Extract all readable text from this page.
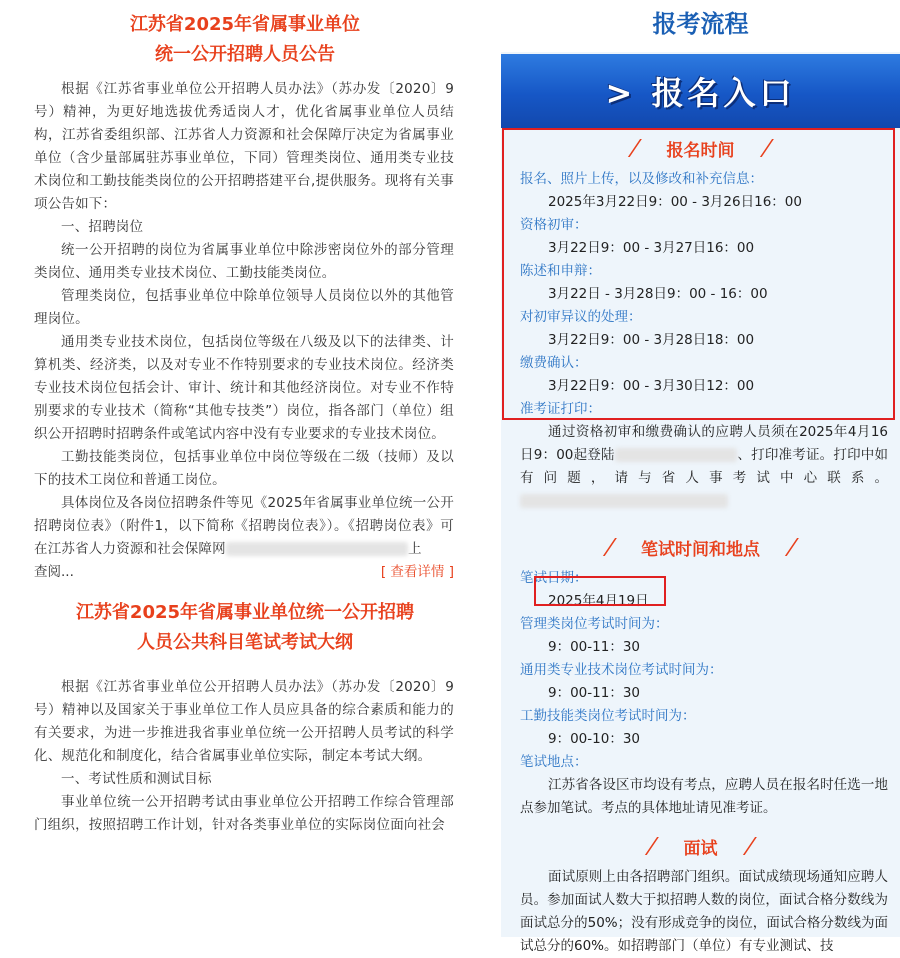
江苏省2025年省属事业单位
统一公开招聘人员公告

根据《江苏省事业单位公开招聘人员办法》（苏办发〔2020〕9号）精神，为更好地选拔优秀适岗人才，优化省属事业单位人员结构，江苏省委组织部、江苏省人力资源和社会保障厅决定为省属事业单位（含少量部属驻苏事业单位，下同）管理类岗位、通用类专业技术岗位和工勤技能类岗位的公开招聘搭建平台,提供服务。现将有关事项公告如下：

一、招聘岗位

统一公开招聘的岗位为省属事业单位中除涉密岗位外的部分管理类岗位、通用类专业技术岗位、工勤技能类岗位。

管理类岗位，包括事业单位中除单位领导人员岗位以外的其他管理岗位。

通用类专业技术岗位，包括岗位等级在八级及以下的法律类、计算机类、经济类，以及对专业不作特别要求的专业技术岗位。经济类专业技术岗位包括会计、审计、统计和其他经济岗位。对专业不作特别要求的专业技术（简称“其他专技类”）岗位，指各部门（单位）组织公开招聘时招聘条件或笔试内容中没有专业要求的专业技术岗位。

工勤技能类岗位，包括事业单位中岗位等级在二级（技师）及以下的技术工岗位和普通工岗位。

具体岗位及各岗位招聘条件等见《2025年省属事业单位统一公开招聘岗位表》（附件1，以下简称《招聘岗位表》）。《招聘岗位表》可在江苏省人力资源和社会保障网	上

查阅...	[ 查看详情 ]
江苏省2025年省属事业单位统一公开招聘
人员公共科目笔试考试大纲

根据《江苏省事业单位公开招聘人员办法》（苏办发〔2020〕9号）精神以及国家关于事业单位工作人员应具备的综合素质和能力的有关要求，为进一步推进我省事业单位统一公开招聘人员考试的科学化、规范化和制度化，结合省属事业单位实际，制定本考试大纲。

一、考试性质和测试目标

事业单位统一公开招聘考试由事业单位公开招聘工作综合管理部门组织，按照招聘工作计划，针对各类事业单位的实际岗位面向社会

报考流程
> 报名入口
/ 报名时间 /
报名、照片上传，以及修改和补充信息：
2025年3月22日9：00 - 3月26日16：00
资格初审：
3月22日9：00 - 3月27日16：00
陈述和申辩：
3月22日 - 3月28日9：00 - 16：00
对初审异议的处理：
3月22日9：00 - 3月28日18：00
缴费确认：
3月22日9：00 - 3月30日12：00
准考证打印：

通过资格初审和缴费确认的应聘人员须在2025年4月16日9：00起登陆	、打印准考证。打印中如有问题，请与省人事考试中心联系。

/ 笔试时间和地点 /
笔试日期：
2025年4月19日
管理类岗位考试时间为：
9：00-11：30
通用类专业技术岗位考试时间为：
9：00-11：30
工勤技能类岗位考试时间为：
9：00-10：30
笔试地点：

江苏省各设区市均设有考点，应聘人员在报名时任选一地点参加笔试。考点的具体地址请见准考证。

/ 面试 /

面试原则上由各招聘部门组织。面试成绩现场通知应聘人员。参加面试人数大于拟招聘人数的岗位，面试合格分数线为面试总分的50%；没有形成竞争的岗位，面试合格分数线为面试总分的60%。如招聘部门（单位）有专业测试、技
